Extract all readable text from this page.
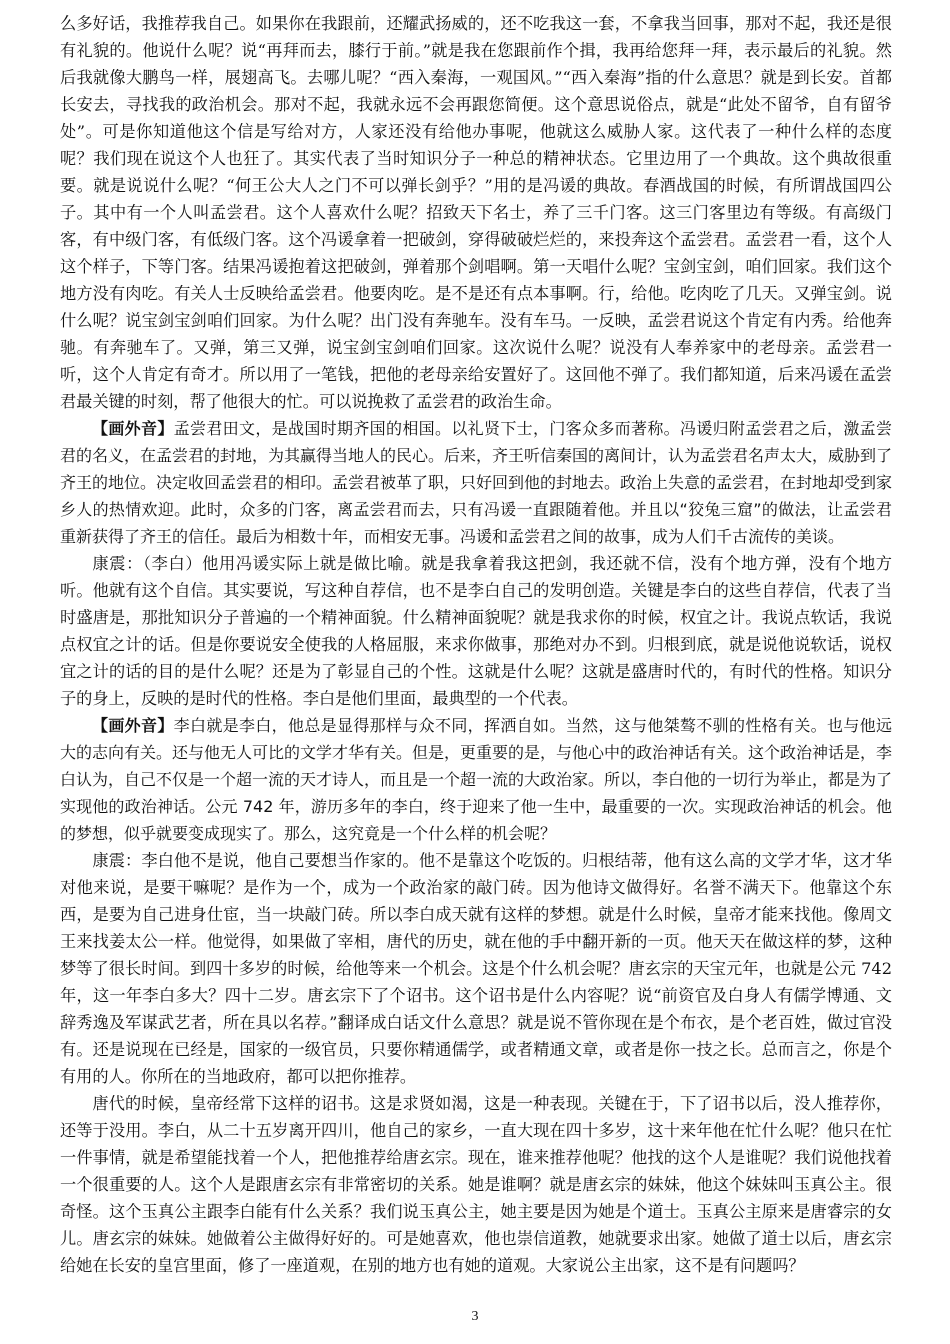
么多好话，我推荐我自己。如果你在我跟前，还耀武扬威的，还不吃我这一套，不拿我当回事，那对不起，我还是很有礼貌的。他说什么呢？说“再拜而去，膝行于前。”就是我在您跟前作个揖，我再给您拜一拜，表示最后的礼貌。然后我就像大鹏鸟一样，展翅高飞。去哪儿呢？“西入秦海，一观国风。”“西入秦海”指的什么意思？就是到长安。首都长安去，寻找我的政治机会。那对不起，我就永远不会再跟您简便。这个意思说俗点，就是“此处不留爷，自有留爷处”。可是你知道他这个信是写给对方，人家还没有给他办事呢，他就这么威胁人家。这代表了一种什么样的态度呢？我们现在说这个人也狂了。其实代表了当时知识分子一种总的精神状态。它里边用了一个典故。这个典故很重要。就是说说什么呢？“何王公大人之门不可以弹长剑乎？”用的是冯谖的典故。春酒战国的时候，有所谓战国四公子。其中有一个人叫孟尝君。这个人喜欢什么呢？招致天下名士，养了三千门客。这三门客里边有等级。有高级门客，有中级门客，有低级门客。这个冯谖拿着一把破剑，穿得破破烂烂的，来投奔这个孟尝君。孟尝君一看，这个人这个样子，下等门客。结果冯谖抱着这把破剑，弹着那个剑唱啊。第一天唱什么呢？宝剑宝剑，咱们回家。我们这个地方没有肉吃。有关人士反映给孟尝君。他要肉吃。是不是还有点本事啊。行，给他。吃肉吃了几天。又弹宝剑。说什么呢？说宝剑宝剑咱们回家。为什么呢？出门没有奔驰车。没有车马。一反映，孟尝君说这个肯定有内秀。给他奔驰。有奔驰车了。又弹，第三又弹，说宝剑宝剑咱们回家。这次说什么呢？说没有人奉养家中的老母亲。孟尝君一听，这个人肯定有奇才。所以用了一笔钱，把他的老母亲给安置好了。这回他不弹了。我们都知道，后来冯谖在孟尝君最关键的时刻，帮了他很大的忙。可以说挽救了孟尝君的政治生命。

【画外音】孟尝君田文，是战国时期齐国的相国。以礼贤下士，门客众多而著称。冯谖归附孟尝君之后，激孟尝君的名义，在孟尝君的封地，为其赢得当地人的民心。后来，齐王听信秦国的离间计，认为孟尝君名声太大，威胁到了齐王的地位。决定收回孟尝君的相印。孟尝君被革了职，只好回到他的封地去。政治上失意的孟尝君，在封地却受到家乡人的热情欢迎。此时，众多的门客，离孟尝君而去，只有冯谖一直跟随着他。并且以“狡兔三窟”的做法，让孟尝君重新获得了齐王的信任。最后为相数十年，而相安无事。冯谖和孟尝君之间的故事，成为人们千古流传的美谈。

康震：（李白）他用冯谖实际上就是做比喻。就是我拿着我这把剑，我还就不信，没有个地方弹，没有个地方听。他就有这个自信。其实要说，写这种自荐信，也不是李白自己的发明创造。关键是李白的这些自荐信，代表了当时盛唐是，那批知识分子普遍的一个精神面貌。什么精神面貌呢？就是我求你的时候，权宜之计。我说点软话，我说点权宜之计的话。但是你要说安全使我的人格屈服，来求你做事，那绝对办不到。归根到底，就是说他说软话，说权宜之计的话的目的是什么呢？还是为了彰显自己的个性。这就是什么呢？这就是盛唐时代的，有时代的性格。知识分子的身上，反映的是时代的性格。李白是他们里面，最典型的一个代表。

【画外音】李白就是李白，他总是显得那样与众不同，挥洒自如。当然，这与他桀骜不驯的性格有关。也与他远大的志向有关。还与他无人可比的文学才华有关。但是，更重要的是，与他心中的政治神话有关。这个政治神话是，李白认为，自己不仅是一个超一流的天才诗人，而且是一个超一流的大政治家。所以，李白他的一切行为举止，都是为了实现他的政治神话。公元 742 年，游历多年的李白，终于迎来了他一生中，最重要的一次。实现政治神话的机会。他的梦想，似乎就要变成现实了。那么，这究竟是一个什么样的机会呢？

康震：李白他不是说，他自己要想当作家的。他不是靠这个吃饭的。归根结蒂，他有这么高的文学才华，这才华对他来说，是要干嘛呢？是作为一个，成为一个政治家的敲门砖。因为他诗文做得好。名誉不满天下。他靠这个东西，是要为自己进身仕宦，当一块敲门砖。所以李白成天就有这样的梦想。就是什么时候，皇帝才能来找他。像周文王来找姜太公一样。他觉得，如果做了宰相，唐代的历史，就在他的手中翻开新的一页。他天天在做这样的梦，这种梦等了很长时间。到四十多岁的时候，给他等来一个机会。这是个什么机会呢？唐玄宗的天宝元年，也就是公元 742 年，这一年李白多大？四十二岁。唐玄宗下了个诏书。这个诏书是什么内容呢？说“前资官及白身人有儒学博通、文辞秀逸及军谋武艺者，所在具以名荐。”翻译成白话文什么意思？就是说不管你现在是个布衣，是个老百姓，做过官没有。还是说现在已经是，国家的一级官员，只要你精通儒学，或者精通文章，或者是你一技之长。总而言之，你是个有用的人。你所在的当地政府，都可以把你推荐。

唐代的时候，皇帝经常下这样的诏书。这是求贤如渴，这是一种表现。关键在于，下了诏书以后，没人推荐你，还等于没用。李白，从二十五岁离开四川，他自己的家乡，一直大现在四十多岁，这十来年他在忙什么呢？他只在忙一件事情，就是希望能找着一个人，把他推荐给唐玄宗。现在，谁来推荐他呢？他找的这个人是谁呢？我们说他找着一个很重要的人。这个人是跟唐玄宗有非常密切的关系。她是谁啊？就是唐玄宗的妹妹，他这个妹妹叫玉真公主。很奇怪。这个玉真公主跟李白能有什么关系？我们说玉真公主，她主要是因为她是个道士。玉真公主原来是唐睿宗的女儿。唐玄宗的妹妹。她做着公主做得好好的。可是她喜欢，他也崇信道教，她就要求出家。她做了道士以后，唐玄宗给她在长安的皇宫里面，修了一座道观，在别的地方也有她的道观。大家说公主出家，这不是有问题吗？

3
